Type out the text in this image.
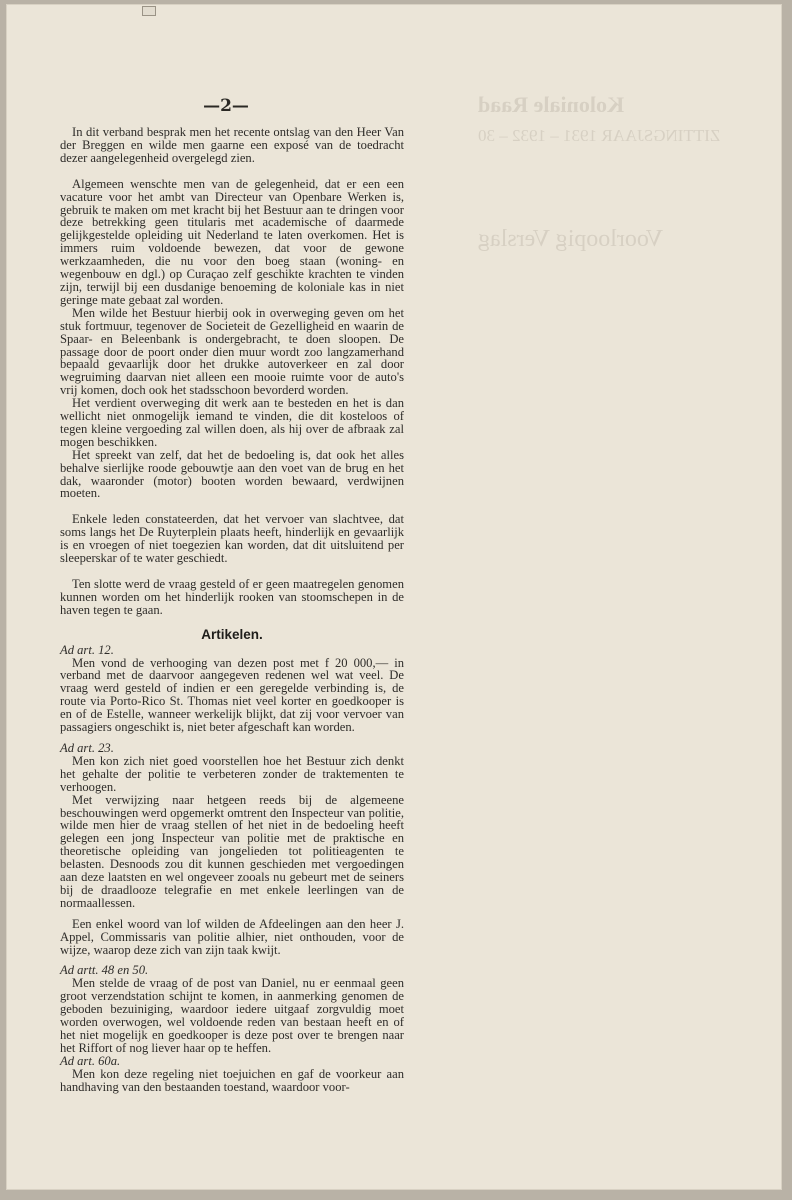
Koloniale Raad
ZITTINGSJAAR 1931 – 1932 – 30
Voorloopig Verslag
—2—

In dit verband besprak men het recente ontslag van den Heer Van der Breggen en wilde men gaarne een exposé van de toedracht dezer aangelegenheid overgelegd zien.

Algemeen wenschte men van de gelegenheid, dat er een een vacature voor het ambt van Directeur van Openbare Werken is, gebruik te maken om met kracht bij het Bestuur aan te dringen voor deze betrekking geen titularis met academische of daarmede gelijkgestelde opleiding uit Nederland te laten overkomen. Het is immers ruim voldoende bewezen, dat voor de gewone werkzaamheden, die nu voor den boeg staan (woning- en wegenbouw en dgl.) op Curaçao zelf geschikte krachten te vinden zijn, terwijl bij een dusdanige benoeming de koloniale kas in niet geringe mate gebaat zal worden.

Men wilde het Bestuur hierbij ook in overweging geven om het stuk fortmuur, tegenover de Societeit de Gezelligheid en waarin de Spaar- en Beleenbank is ondergebracht, te doen sloopen. De passage door de poort onder dien muur wordt zoo langzamerhand bepaald gevaarlijk door het drukke autoverkeer en zal door wegruiming daarvan niet alleen een mooie ruimte voor de auto's vrij komen, doch ook het stadsschoon bevorderd worden.

Het verdient overweging dit werk aan te besteden en het is dan wellicht niet onmogelijk iemand te vinden, die dit kosteloos of tegen kleine vergoeding zal willen doen, als hij over de afbraak zal mogen beschikken.

Het spreekt van zelf, dat het de bedoeling is, dat ook het alles behalve sierlijke roode gebouwtje aan den voet van de brug en het dak, waaronder (motor) booten worden bewaard, verdwijnen moeten.

Enkele leden constateerden, dat het vervoer van slachtvee, dat soms langs het De Ruyterplein plaats heeft, hinderlijk en gevaarlijk is en vroegen of niet toegezien kan worden, dat dit uitsluitend per sleeperskar of te water geschiedt.

Ten slotte werd de vraag gesteld of er geen maatregelen genomen kunnen worden om het hinderlijk rooken van stoomschepen in de haven tegen te gaan.

Artikelen.

Ad art. 12.

Men vond de verhooging van dezen post met f 20 000,— in verband met de daarvoor aangegeven redenen wel wat veel. De vraag werd gesteld of indien er een geregelde verbinding is, de route via Porto-Rico St. Thomas niet veel korter en goedkooper is en of de Estelle, wanneer werkelijk blijkt, dat zij voor vervoer van passagiers ongeschikt is, niet beter afgeschaft kan worden.

Ad art. 23.

Men kon zich niet goed voorstellen hoe het Bestuur zich denkt het gehalte der politie te verbeteren zonder de traktementen te verhoogen.

Met verwijzing naar hetgeen reeds bij de algemeene beschouwingen werd opgemerkt omtrent den Inspecteur van politie, wilde men hier de vraag stellen of het niet in de bedoeling heeft gelegen een jong Inspecteur van politie met de praktische en theoretische opleiding van jongelieden tot politieagenten te belasten. Desnoods zou dit kunnen geschieden met vergoedingen aan deze laatsten en wel ongeveer zooals nu gebeurt met de seiners bij de draadlooze telegrafie en met enkele leerlingen van de normaallessen.

Een enkel woord van lof wilden de Afdeelingen aan den heer J. Appel, Commissaris van politie alhier, niet onthouden, voor de wijze, waarop deze zich van zijn taak kwijt.

Ad artt. 48 en 50.

Men stelde de vraag of de post van Daniel, nu er eenmaal geen groot verzendstation schijnt te komen, in aanmerking genomen de geboden bezuiniging, waardoor iedere uitgaaf zorgvuldig moet worden overwogen, wel voldoende reden van bestaan heeft en of het niet mogelijk en goedkooper is deze post over te brengen naar het Riffort of nog liever haar op te heffen.

Ad art. 60a.

Men kon deze regeling niet toejuichen en gaf de voorkeur aan handhaving van den bestaanden toestand, waardoor voor-
